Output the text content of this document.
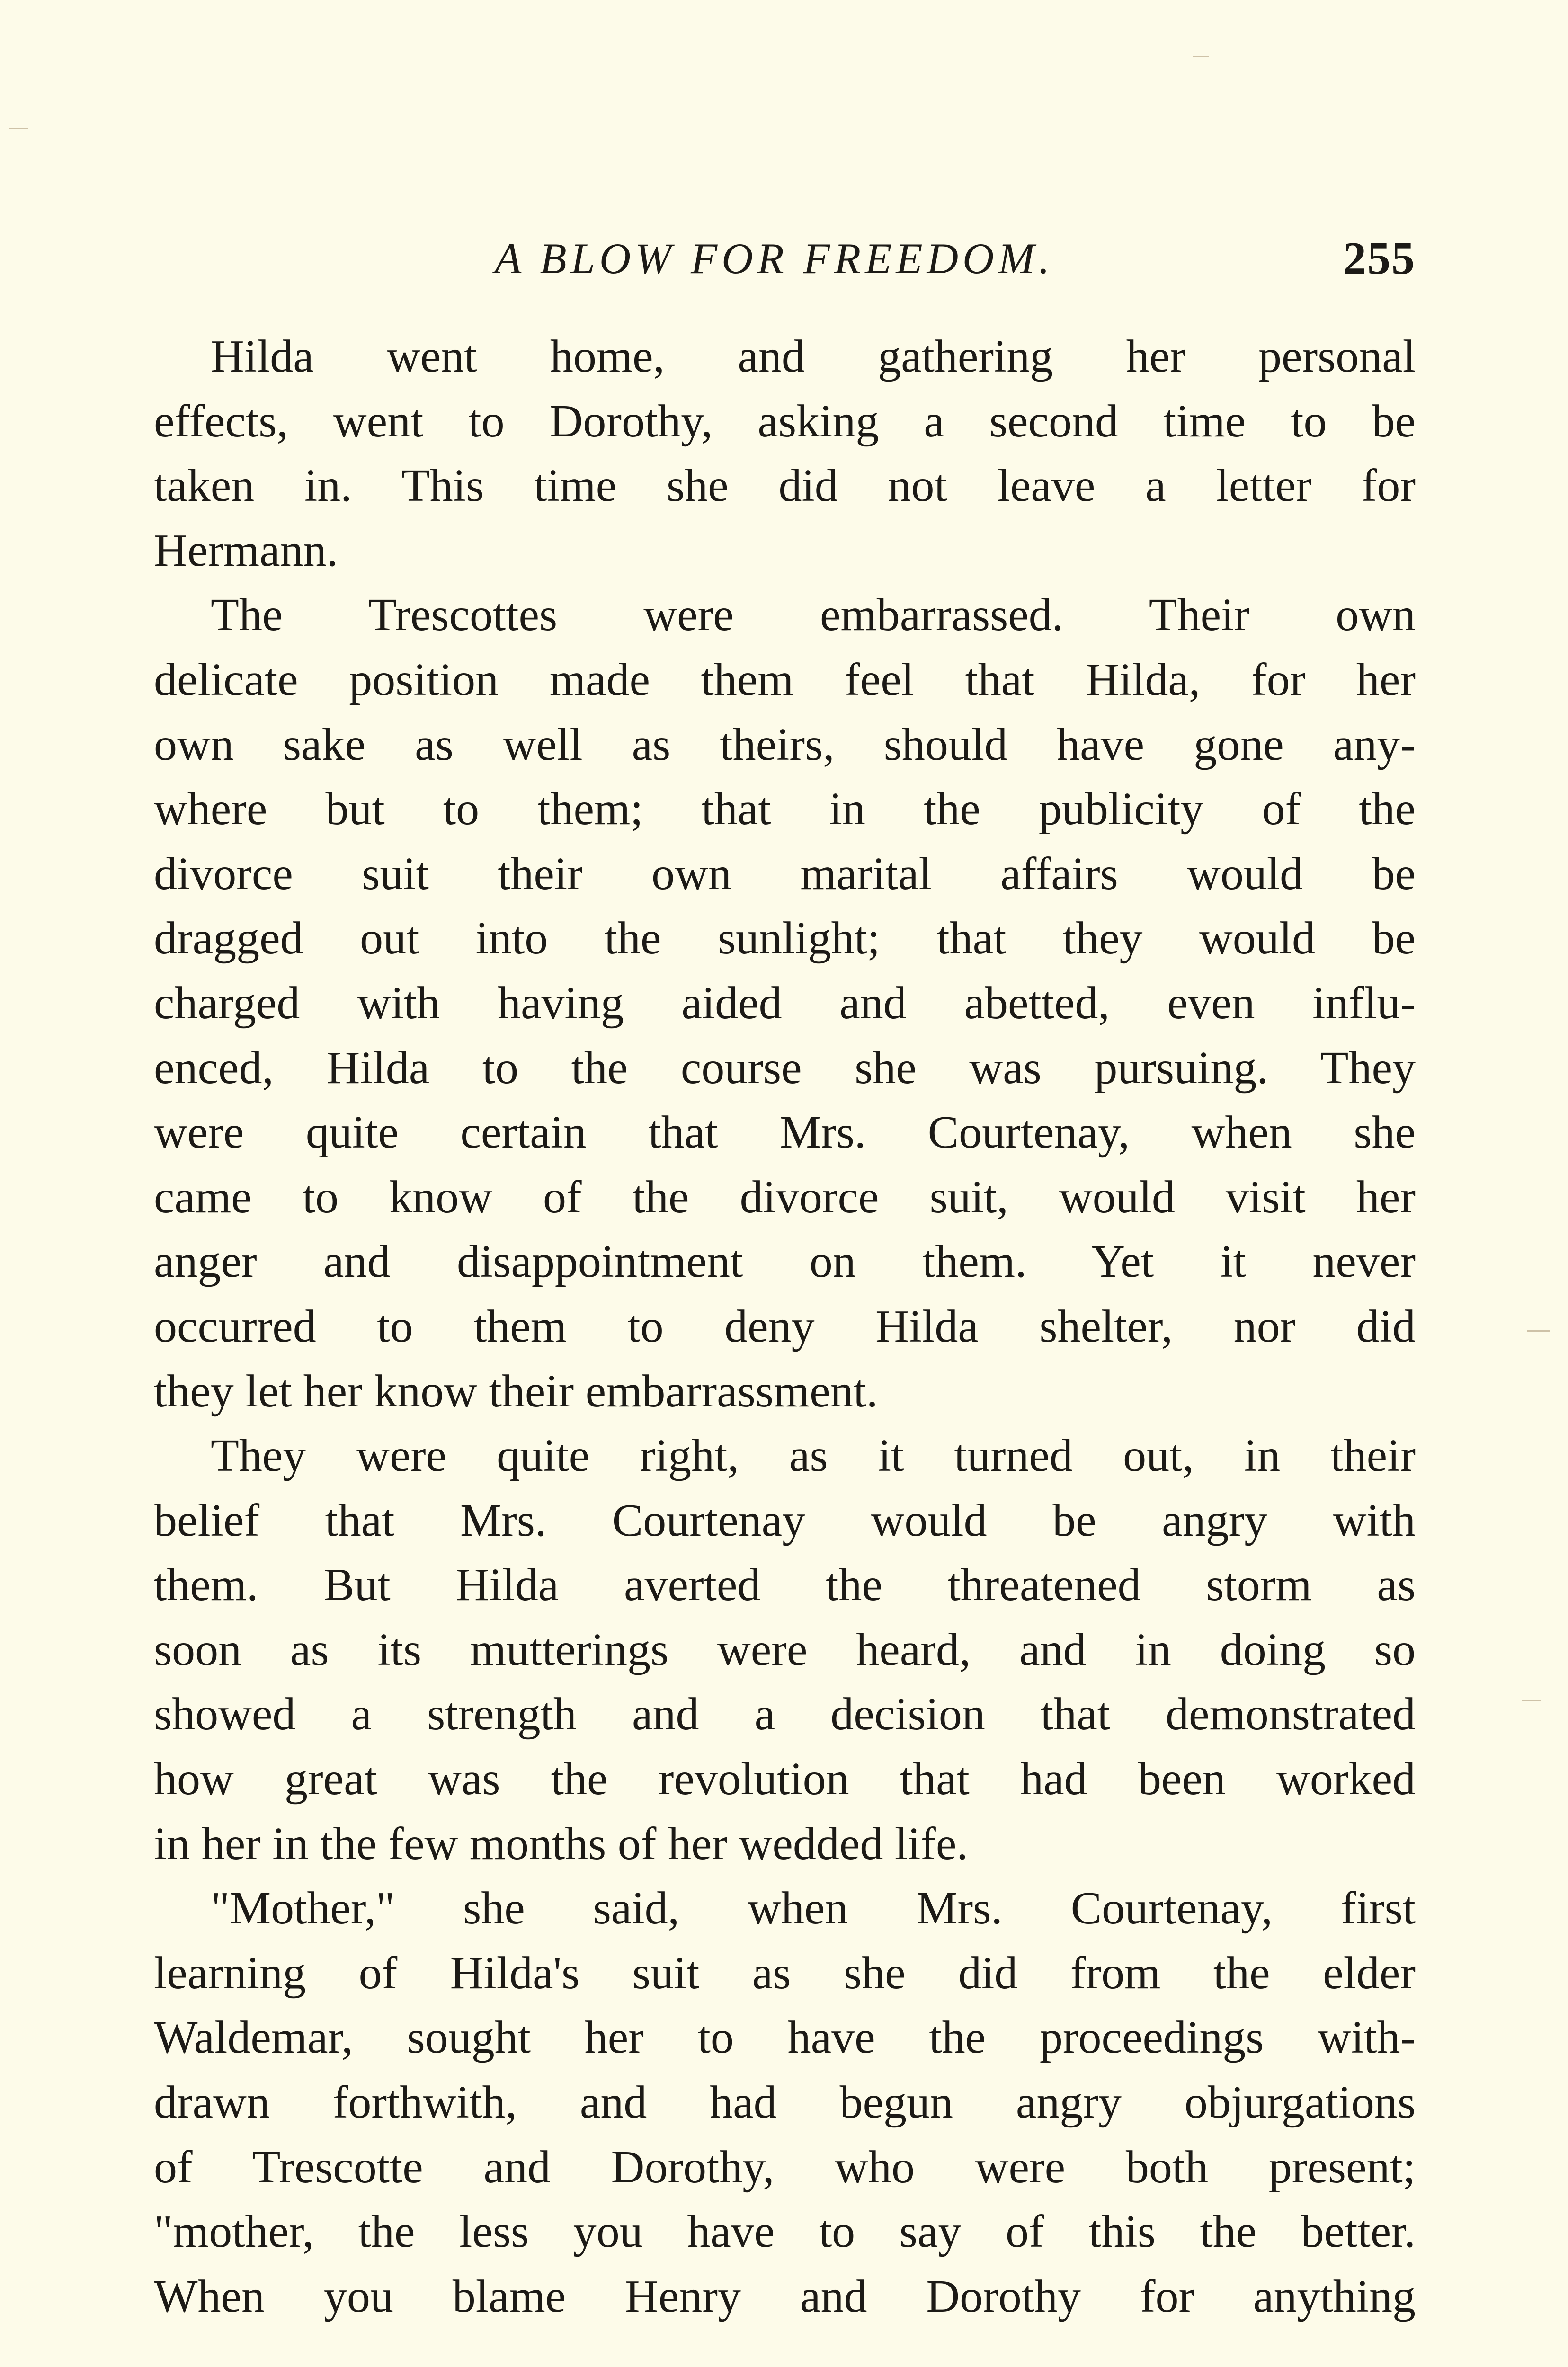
A BLOW FOR FREEDOM.	255
Hilda went home, and gathering her personal
effects, went to Dorothy, asking a second time to be
taken in. This time she did not leave a letter for
Hermann.
The Trescottes were embarrassed. Their own
delicate position made them feel that Hilda, for her
own sake as well as theirs, should have gone any-
where but to them; that in the publicity of the
divorce suit their own marital affairs would be
dragged out into the sunlight; that they would be
charged with having aided and abetted, even influ-
enced, Hilda to the course she was pursuing. They
were quite certain that Mrs. Courtenay, when she
came to know of the divorce suit, would visit her
anger and disappointment on them. Yet it never
occurred to them to deny Hilda shelter, nor did
they let her know their embarrassment.
They were quite right, as it turned out, in their
belief that Mrs. Courtenay would be angry with
them. But Hilda averted the threatened storm as
soon as its mutterings were heard, and in doing so
showed a strength and a decision that demonstrated
how great was the revolution that had been worked
in her in the few months of her wedded life.
"Mother," she said, when Mrs. Courtenay, first
learning of Hilda's suit as she did from the elder
Waldemar, sought her to have the proceedings with-
drawn forthwith, and had begun angry objurgations
of Trescotte and Dorothy, who were both present;
"mother, the less you have to say of this the better.
When you blame Henry and Dorothy for anything
